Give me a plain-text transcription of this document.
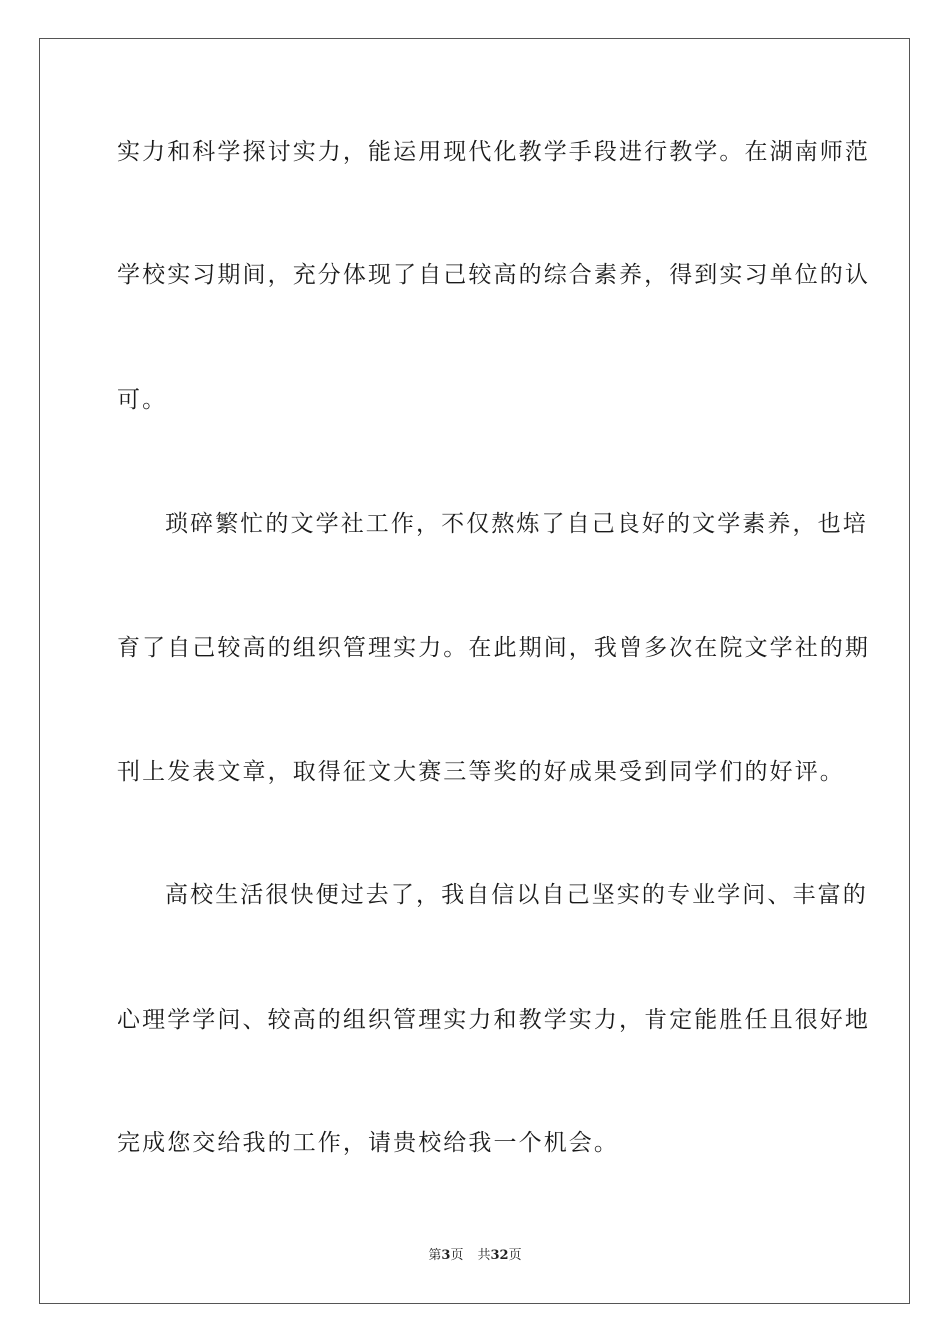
实力和科学探讨实力，能运用现代化教学手段进行教学。在湖南师范

学校实习期间，充分体现了自己较高的综合素养，得到实习单位的认

可。

琐碎繁忙的文学社工作，不仅熬炼了自己良好的文学素养，也培

育了自己较高的组织管理实力。在此期间，我曾多次在院文学社的期

刊上发表文章，取得征文大赛三等奖的好成果受到同学们的好评。

高校生活很快便过去了，我自信以自己坚实的专业学问、丰富的

心理学学问、较高的组织管理实力和教学实力，肯定能胜任且很好地

完成您交给我的工作，请贵校给我一个机会。

第3页 共32页
